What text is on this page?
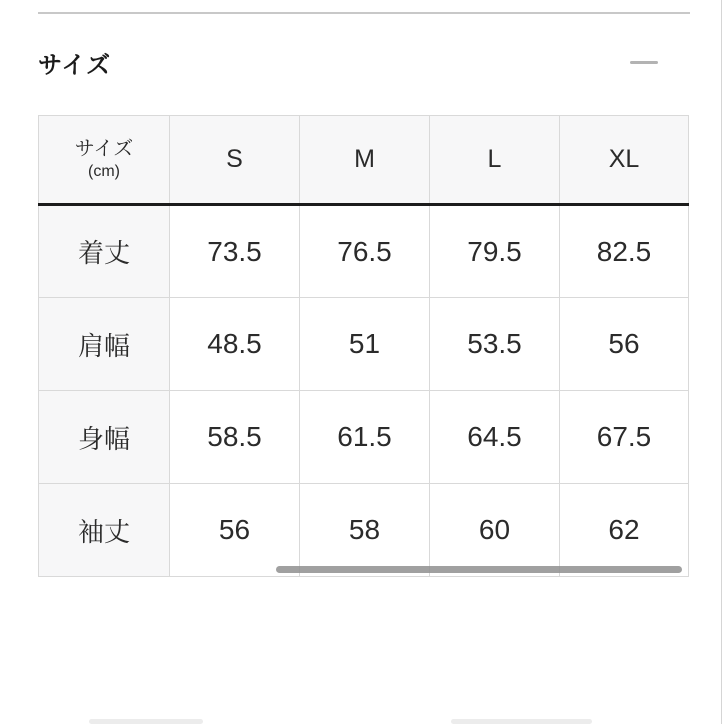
サイズ
サイズ
(cm)	S	M	L	XL
着丈	73.5	76.5	79.5	82.5
肩幅	48.5	51	53.5	56
身幅	58.5	61.5	64.5	67.5
袖丈	56	58	60	62
